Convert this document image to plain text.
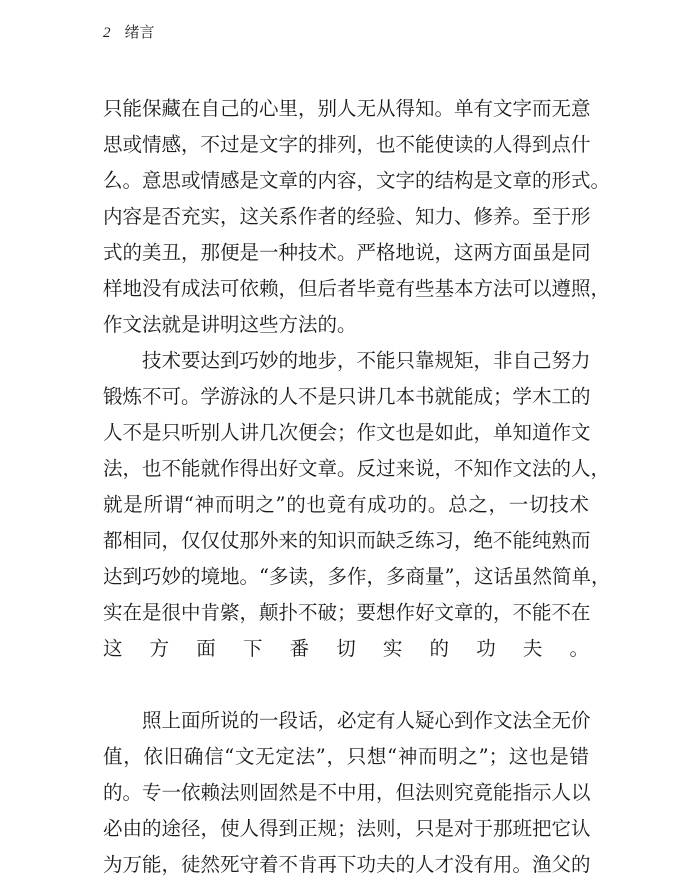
2 绪言
只能保藏在自己的心里，别人无从得知。单有文字而无意
思或情感，不过是文字的排列，也不能使读的人得到点什
么。意思或情感是文章的内容，文字的结构是文章的形式。
内容是否充实，这关系作者的经验、知力、修养。至于形
式的美丑，那便是一种技术。严格地说，这两方面虽是同
样地没有成法可依赖，但后者毕竟有些基本方法可以遵照，
作文法就是讲明这些方法的。
技术要达到巧妙的地步，不能只靠规矩，非自己努力
锻炼不可。学游泳的人不是只讲几本书就能成；学木工的
人不是只听别人讲几次便会；作文也是如此，单知道作文
法，也不能就作得出好文章。反过来说，不知作文法的人，
就是所谓“神而明之”的也竟有成功的。总之，一切技术
都相同，仅仅仗那外来的知识而缺乏练习，绝不能纯熟而
达到巧妙的境地。“多读，多作，多商量”，这话虽然简单，
实在是很中肯綮，颠扑不破；要想作好文章的，不能不在
这方面下番切实的功夫。
照上面所说的一段话，必定有人疑心到作文法全无价
值，依旧确信“文无定法”，只想“神而明之”；这也是错
的。专一依赖法则固然是不中用，但法则究竟能指示人以
必由的途径，使人得到正规；法则，只是对于那班把它认
为万能，徒然死守着不肯再下功夫的人才没有用。渔父的
